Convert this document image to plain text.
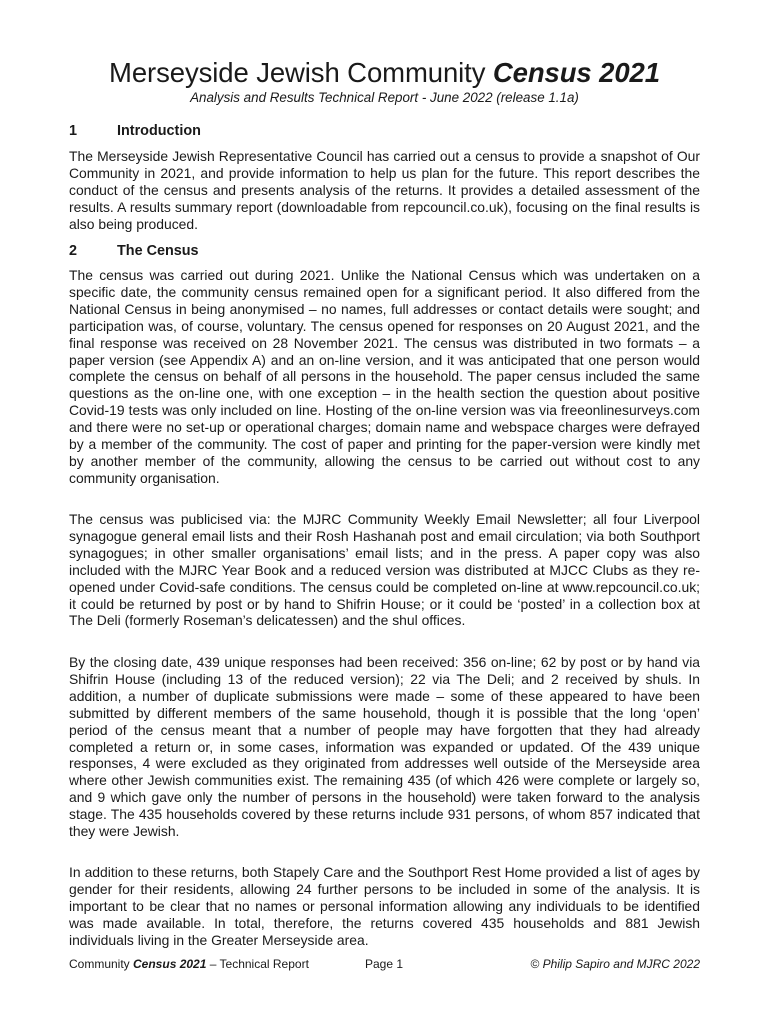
Merseyside Jewish Community Census 2021
Analysis and Results Technical Report - June 2022 (release 1.1a)
1	Introduction
The Merseyside Jewish Representative Council has carried out a census to provide a snapshot of Our Community in 2021, and provide information to help us plan for the future. This report describes the conduct of the census and presents analysis of the returns. It provides a detailed assessment of the results. A results summary report (downloadable from repcouncil.co.uk), focusing on the final results is also being produced.
2	The Census
The census was carried out during 2021. Unlike the National Census which was undertaken on a specific date, the community census remained open for a significant period. It also differed from the National Census in being anonymised – no names, full addresses or contact details were sought; and participation was, of course, voluntary. The census opened for responses on 20 August 2021, and the final response was received on 28 November 2021. The census was distributed in two formats – a paper version (see Appendix A) and an on-line version, and it was anticipated that one person would complete the census on behalf of all persons in the household. The paper census included the same questions as the on-line one, with one exception – in the health section the question about positive Covid-19 tests was only included on line. Hosting of the on-line version was via freeonlinesurveys.com and there were no set-up or operational charges; domain name and webspace charges were defrayed by a member of the community. The cost of paper and printing for the paper-version were kindly met by another member of the community, allowing the census to be carried out without cost to any community organisation.
The census was publicised via: the MJRC Community Weekly Email Newsletter; all four Liverpool synagogue general email lists and their Rosh Hashanah post and email circulation; via both Southport synagogues; in other smaller organisations’ email lists; and in the press. A paper copy was also included with the MJRC Year Book and a reduced version was distributed at MJCC Clubs as they re-opened under Covid-safe conditions. The census could be completed on-line at www.repcouncil.co.uk; it could be returned by post or by hand to Shifrin House; or it could be ‘posted’ in a collection box at The Deli (formerly Roseman’s delicatessen) and the shul offices.
By the closing date, 439 unique responses had been received: 356 on-line; 62 by post or by hand via Shifrin House (including 13 of the reduced version); 22 via The Deli; and 2 received by shuls. In addition, a number of duplicate submissions were made – some of these appeared to have been submitted by different members of the same household, though it is possible that the long ‘open’ period of the census meant that a number of people may have forgotten that they had already completed a return or, in some cases, information was expanded or updated. Of the 439 unique responses, 4 were excluded as they originated from addresses well outside of the Merseyside area where other Jewish communities exist. The remaining 435 (of which 426 were complete or largely so, and 9 which gave only the number of persons in the household) were taken forward to the analysis stage. The 435 households covered by these returns include 931 persons, of whom 857 indicated that they were Jewish.
In addition to these returns, both Stapely Care and the Southport Rest Home provided a list of ages by gender for their residents, allowing 24 further persons to be included in some of the analysis. It is important to be clear that no names or personal information allowing any individuals to be identified was made available. In total, therefore, the returns covered 435 households and 881 Jewish individuals living in the Greater Merseyside area.
Community Census 2021 – Technical Report	Page 1	© Philip Sapiro and MJRC 2022
